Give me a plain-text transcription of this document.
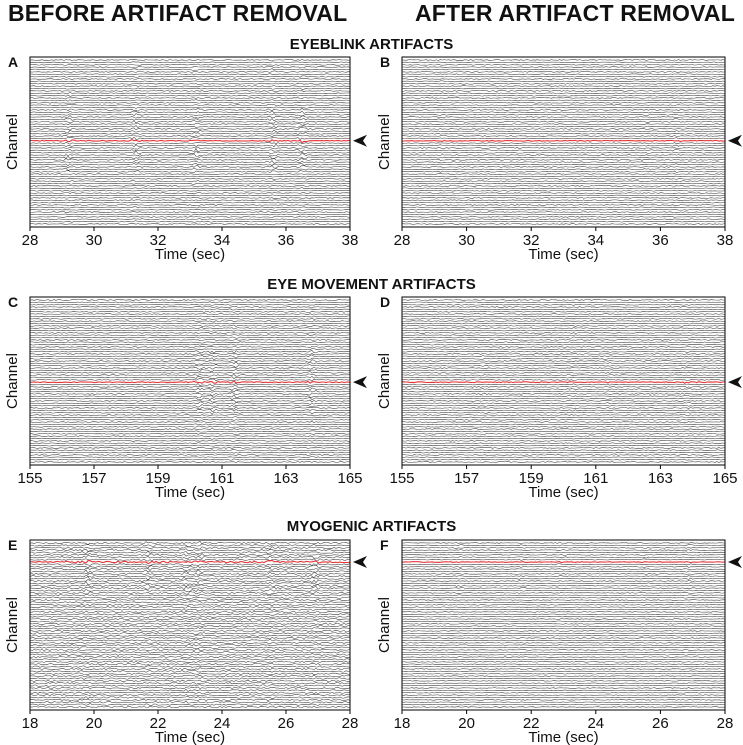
BEFORE ARTIFACT REMOVAL	AFTER ARTIFACT REMOVAL
EYEBLINK ARTIFACTS
EYE MOVEMENT ARTIFACTS
MYOGENIC ARTIFACTS
A
Channel
28	30	32	34	36	38
Time (sec)
B
Channel
28	30	32	34	36	38
Time (sec)
C
Channel
155	157	159	161	163	165
Time (sec)
D
Channel
155	157	159	161	163	165
Time (sec)
E
Channel
18	20	22	24	26	28
Time (sec)
F
Channel
18	20	22	24	26	28
Time (sec)
